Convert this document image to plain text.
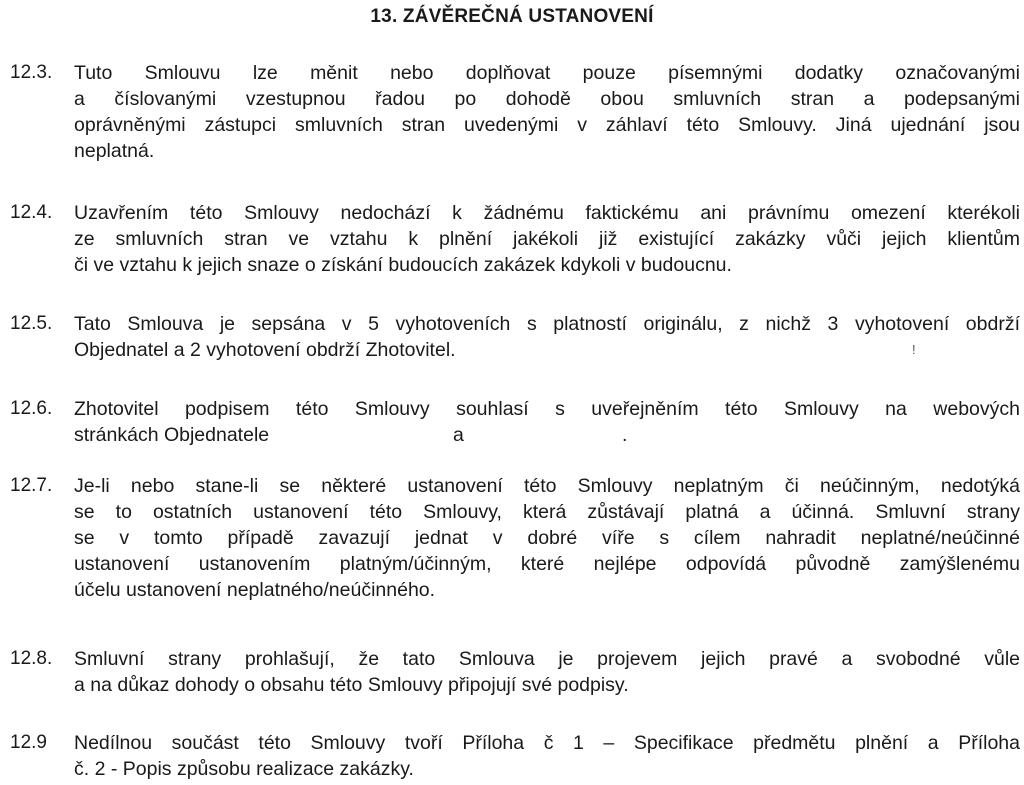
13. ZÁVĚREČNÁ USTANOVENÍ
12.3.	Tuto Smlouvu lze měnit nebo doplňovat pouze písemnými dodatky označovanými
a číslovanými vzestupnou řadou po dohodě obou smluvních stran a podepsanými
oprávněnými zástupci smluvních stran uvedenými v záhlaví této Smlouvy. Jiná ujednání jsou
neplatná.
12.4.	Uzavřením této Smlouvy nedochází k žádnému faktickému ani právnímu omezení kterékoli
ze smluvních stran ve vztahu k plnění jakékoli již existující zakázky vůči jejich klientům
či ve vztahu k jejich snaze o získání budoucích zakázek kdykoli v budoucnu.
12.5.	Tato Smlouva je sepsána v 5 vyhotoveních s platností originálu, z nichž 3 vyhotovení obdrží
Objednatel a 2 vyhotovení obdrží Zhotovitel.	!
12.6.	Zhotovitel podpisem této Smlouvy souhlasí s uveřejněním této Smlouvy na webových
stránkách Objednatele	a	.
12.7.	Je-li nebo stane-li se některé ustanovení této Smlouvy neplatným či neúčinným, nedotýká
se to ostatních ustanovení této Smlouvy, která zůstávají platná a účinná. Smluvní strany
se v tomto případě zavazují jednat v dobré víře s cílem nahradit neplatné/neúčinné
ustanovení ustanovením platným/účinným, které nejlépe odpovídá původně zamýšlenému
účelu ustanovení neplatného/neúčinného.
12.8.	Smluvní strany prohlašují, že tato Smlouva je projevem jejich pravé a svobodné vůle
a na důkaz dohody o obsahu této Smlouvy připojují své podpisy.
12.9	Nedílnou součást této Smlouvy tvoří Příloha č 1 – Specifikace předmětu plnění a Příloha
č. 2 - Popis způsobu realizace zakázky.
